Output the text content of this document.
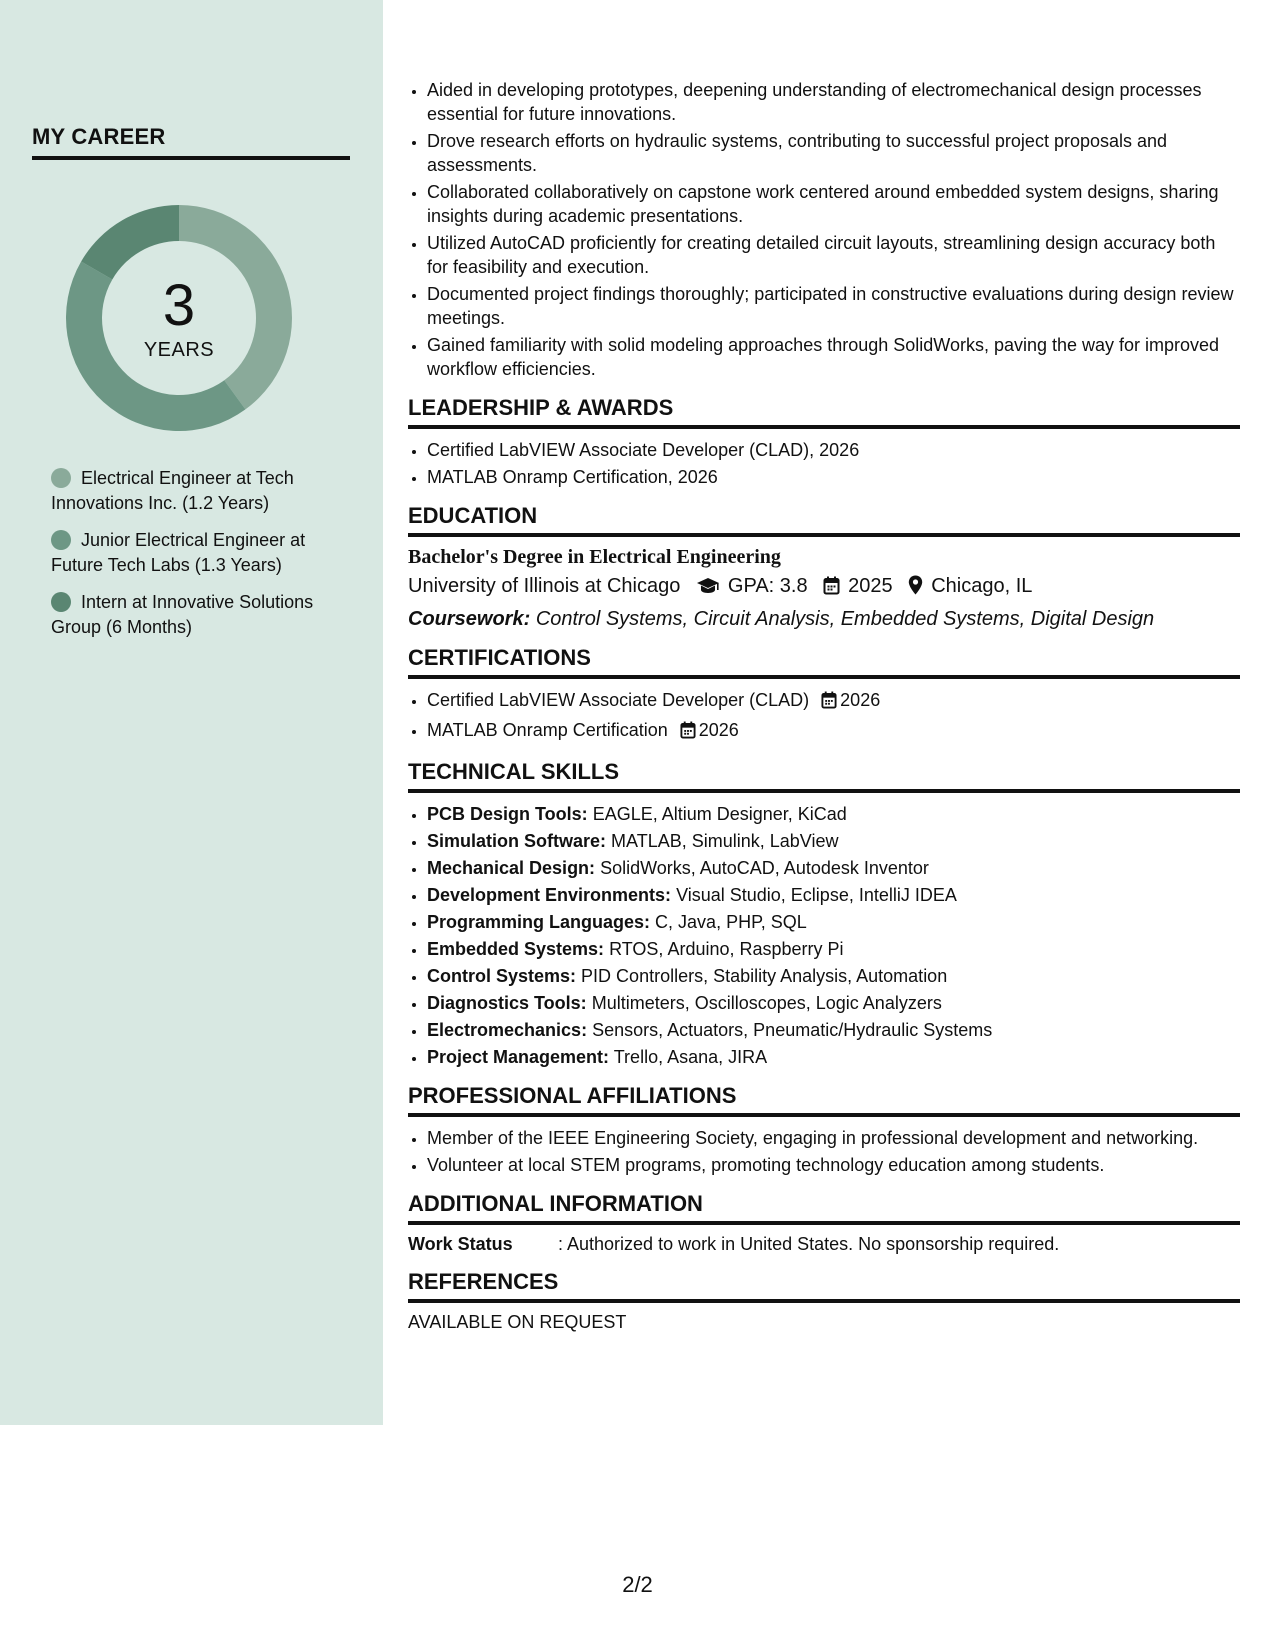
MY CAREER
3
YEARS
Electrical Engineer at Tech Innovations Inc. (1.2 Years)
Junior Electrical Engineer at Future Tech Labs (1.3 Years)
Intern at Innovative Solutions Group (6 Months)
• Aided in developing prototypes, deepening understanding of electromechanical design processes essential for future innovations.
• Drove research efforts on hydraulic systems, contributing to successful project proposals and assessments.
• Collaborated collaboratively on capstone work centered around embedded system designs, sharing insights during academic presentations.
• Utilized AutoCAD proficiently for creating detailed circuit layouts, streamlining design accuracy both for feasibility and execution.
• Documented project findings thoroughly; participated in constructive evaluations during design review meetings.
• Gained familiarity with solid modeling approaches through SolidWorks, paving the way for improved workflow efficiencies.
LEADERSHIP & AWARDS
• Certified LabVIEW Associate Developer (CLAD), 2026
• MATLAB Onramp Certification, 2026
EDUCATION
Bachelor's Degree in Electrical Engineering
University of Illinois at Chicago GPA: 3.8 2025 Chicago, IL
Coursework: Control Systems, Circuit Analysis, Embedded Systems, Digital Design
CERTIFICATIONS
• Certified LabVIEW Associate Developer (CLAD) 2026
• MATLAB Onramp Certification 2026
TECHNICAL SKILLS
• PCB Design Tools: EAGLE, Altium Designer, KiCad
• Simulation Software: MATLAB, Simulink, LabView
• Mechanical Design: SolidWorks, AutoCAD, Autodesk Inventor
• Development Environments: Visual Studio, Eclipse, IntelliJ IDEA
• Programming Languages: C, Java, PHP, SQL
• Embedded Systems: RTOS, Arduino, Raspberry Pi
• Control Systems: PID Controllers, Stability Analysis, Automation
• Diagnostics Tools: Multimeters, Oscilloscopes, Logic Analyzers
• Electromechanics: Sensors, Actuators, Pneumatic/Hydraulic Systems
• Project Management: Trello, Asana, JIRA
PROFESSIONAL AFFILIATIONS
• Member of the IEEE Engineering Society, engaging in professional development and networking.
• Volunteer at local STEM programs, promoting technology education among students.
ADDITIONAL INFORMATION
Work Status	: Authorized to work in United States. No sponsorship required.
REFERENCES
AVAILABLE ON REQUEST
2/2
